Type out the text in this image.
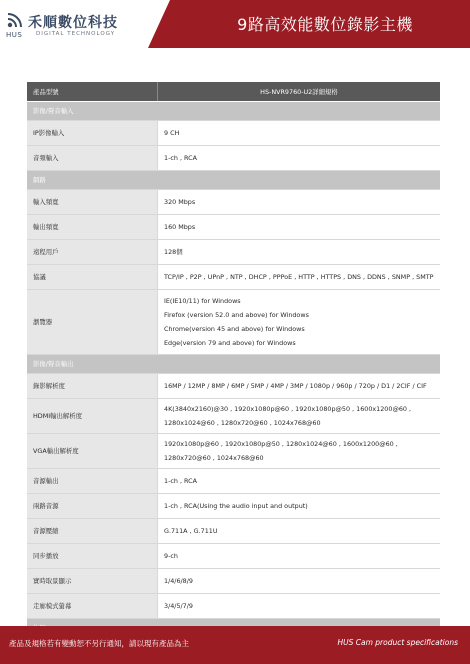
禾順數位科技
HUS DIGITAL TECHNOLOGY	9路高效能數位錄影主機
產品型號	HS-NVR9760-U2詳細規格
影像/聲音輸入	
IP影像輸入	9 CH
音頻輸入	1-ch , RCA
網路	
輸入頻寬	320 Mbps
輸出頻寬	160 Mbps
遠程用戶	128個
協議	TCP/IP , P2P , UPnP , NTP , DHCP , PPPoE , HTTP , HTTPS , DNS , DDNS , SNMP , SMTP
瀏覽器	IE(IE10/11) for Windows
Firefox (version 52.0 and above) for Windows
Chrome(version 45 and above) for Windows
Edge(version 79 and above) for Windows

影像/聲音輸出	
錄影解析度	16MP / 12MP / 8MP / 6MP / 5MP / 4MP / 3MP / 1080p / 960p / 720p / D1 / 2CIF / CIF
HDMI輸出解析度	4K(3840x2160)@30 , 1920x1080p@60 , 1920x1080p@50 , 1600x1200@60 ,
1280x1024@60 , 1280x720@60 , 1024x768@60

VGA輸出解析度	1920x1080p@60 , 1920x1080p@50 , 1280x1024@60 , 1600x1200@60 ,
1280x720@60 , 1024x768@60

音源輸出	1-ch , RCA
兩路音源	1-ch , RCA(Using the audio input and output)
音源壓縮	G.711A , G.711U
同步播放	9-ch
實時取景顯示	1/4/6/8/9
走廊模式螢幕	3/4/5/7/9

產品及規格若有變動恕不另行通知，請以現有產品為主	HUS Cam product specifications
